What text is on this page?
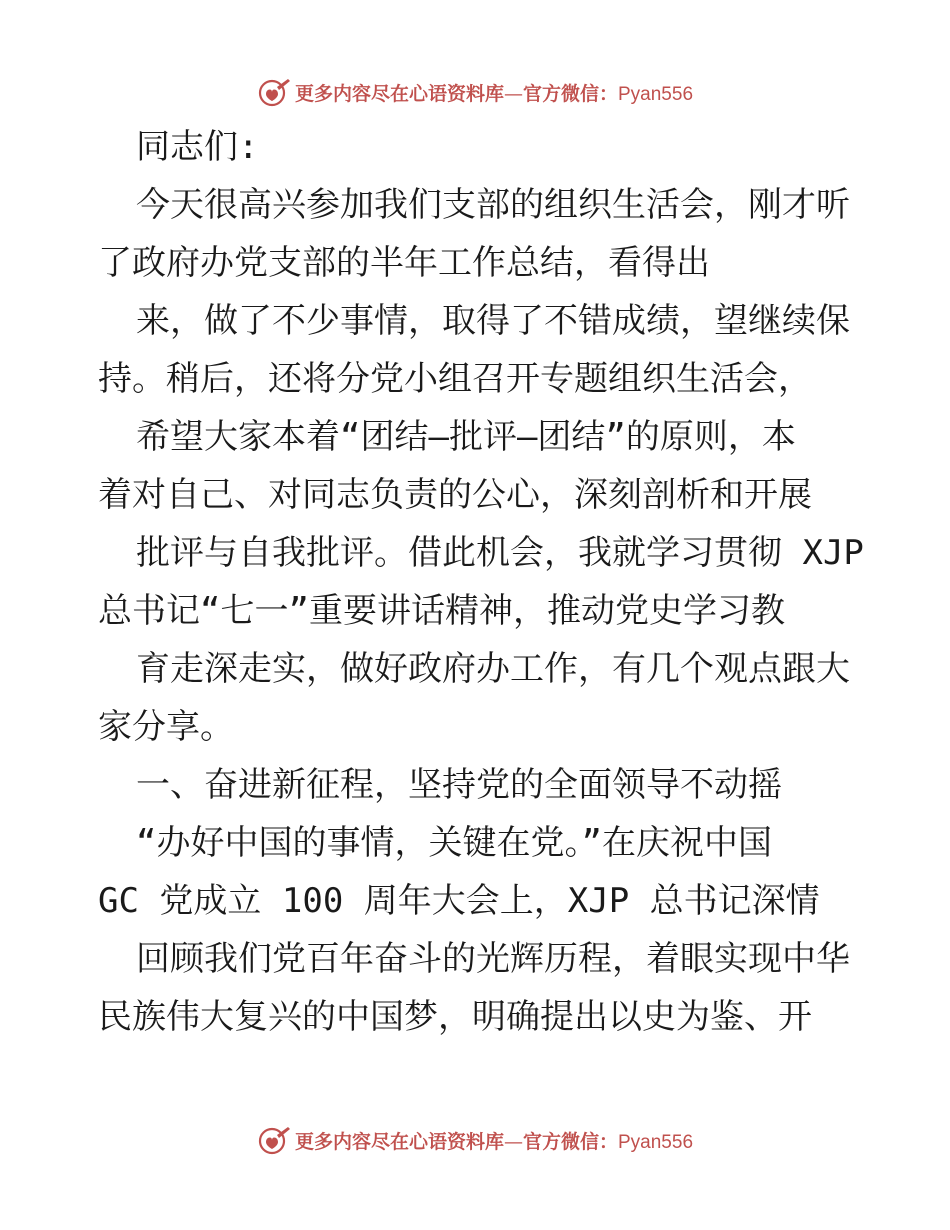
更多内容尽在心语资料库—官方微信：Pyan556
同志们:
今天很高兴参加我们支部的组织生活会，刚才听
了政府办党支部的半年工作总结，看得出
来，做了不少事情，取得了不错成绩，望继续保
持。稍后，还将分党小组召开专题组织生活会，
希望大家本着“团结—批评—团结”的原则，本
着对自己、对同志负责的公心，深刻剖析和开展
批评与自我批评。借此机会，我就学习贯彻 XJP
总书记“七一”重要讲话精神，推动党史学习教
育走深走实，做好政府办工作，有几个观点跟大
家分享。
一、奋进新征程，坚持党的全面领导不动摇
“办好中国的事情，关键在党。”在庆祝中国
GC 党成立 100 周年大会上，XJP 总书记深情
回顾我们党百年奋斗的光辉历程，着眼实现中华
民族伟大复兴的中国梦，明确提出以史为鉴、开
更多内容尽在心语资料库—官方微信：Pyan556
